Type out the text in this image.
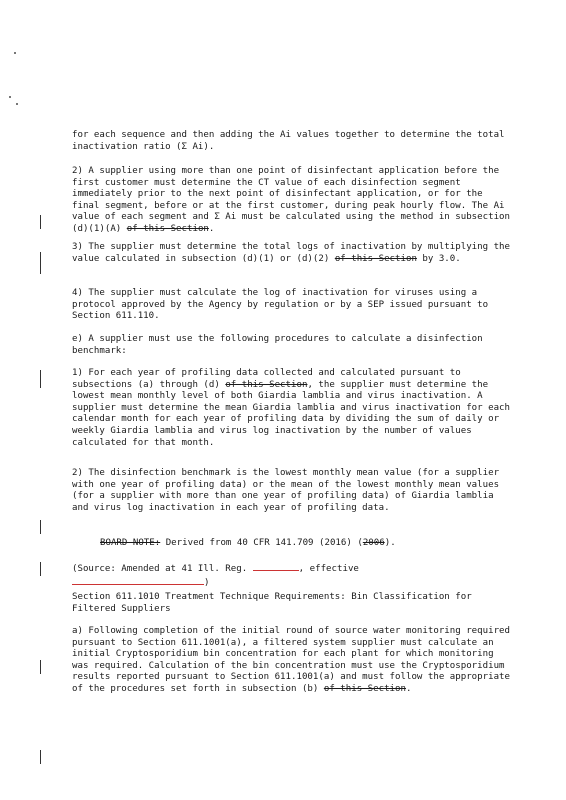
for each sequence and then adding the Ai values together to determine the total inactivation ratio (Σ Ai).

2) A supplier using more than one point of disinfectant application before the first customer must determine the CT value of each disinfection segment immediately prior to the next point of disinfectant application, or for the final segment, before or at the first customer, during peak hourly flow. The Ai value of each segment and Σ Ai must be calculated using the method in subsection (d)(1)(A) of this Section.

3) The supplier must determine the total logs of inactivation by multiplying the value calculated in subsection (d)(1) or (d)(2) of this Section by 3.0.

4) The supplier must calculate the log of inactivation for viruses using a protocol approved by the Agency by regulation or by a SEP issued pursuant to Section 611.110.

e) A supplier must use the following procedures to calculate a disinfection benchmark:

1) For each year of profiling data collected and calculated pursuant to subsections (a) through (d) of this Section, the supplier must determine the lowest mean monthly level of both Giardia lamblia and virus inactivation. A supplier must determine the mean Giardia lamblia and virus inactivation for each calendar month for each year of profiling data by dividing the sum of daily or weekly Giardia lamblia and virus log inactivation by the number of values calculated for that month.

2) The disinfection benchmark is the lowest monthly mean value (for a supplier with one year of profiling data) or the mean of the lowest monthly mean values (for a supplier with more than one year of profiling data) of Giardia lamblia and virus log inactivation in each year of profiling data.

BOARD NOTE: Derived from 40 CFR 141.709 (2016) (2006).

(Source: Amended at 41 Ill. Reg.	, effective
)

Section 611.1010 Treatment Technique Requirements: Bin Classification for Filtered Suppliers

a) Following completion of the initial round of source water monitoring required pursuant to Section 611.1001(a), a filtered system supplier must calculate an initial Cryptosporidium bin concentration for each plant for which monitoring was required. Calculation of the bin concentration must use the Cryptosporidium results reported pursuant to Section 611.1001(a) and must follow the appropriate of the procedures set forth in subsection (b) of this Section.
